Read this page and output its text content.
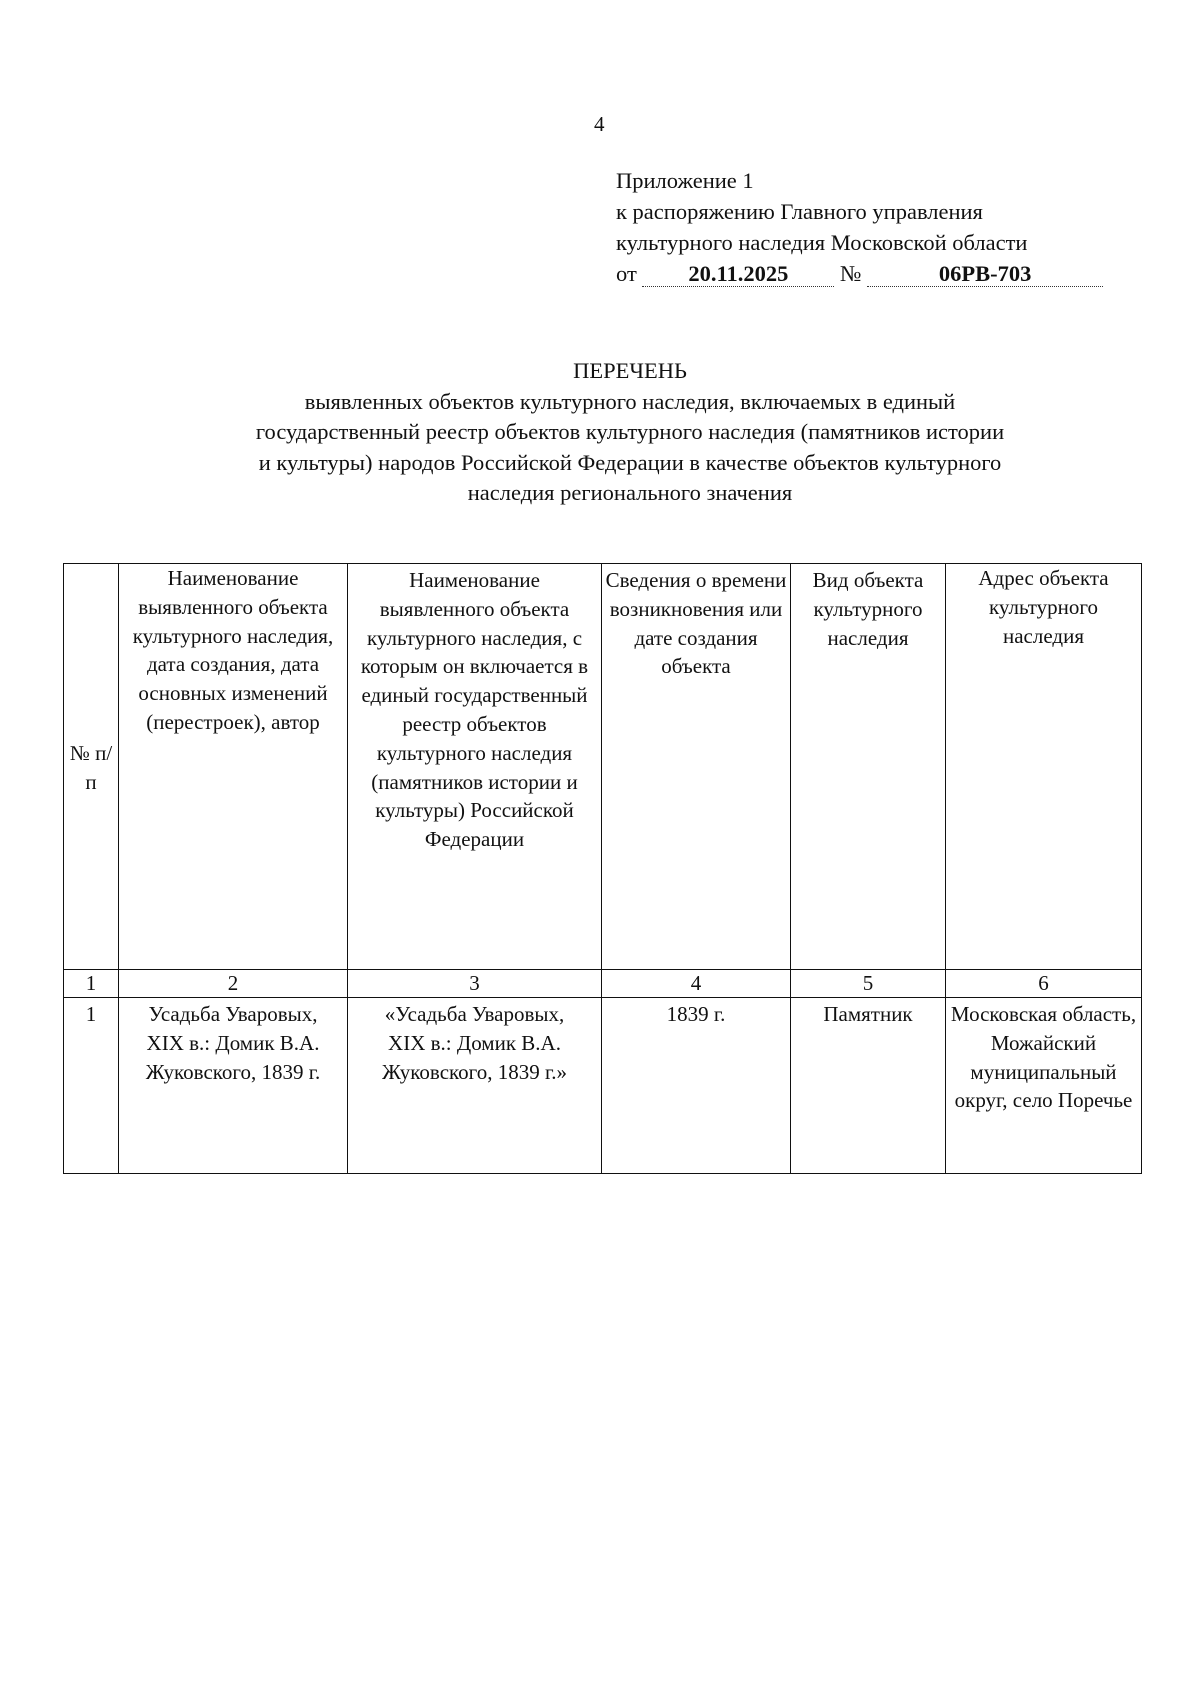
4
Приложение 1
к распоряжению Главного управления
культурного наследия Московской области
от 20.11.2025 №	06РВ-703
ПЕРЕЧЕНЬ
выявленных объектов культурного наследия, включаемых в единый
государственный реестр объектов культурного наследия (памятников истории
и культуры) народов Российской Федерации в качестве объектов культурного
наследия регионального значения
№ п/п	Наименование выявленного объекта культурного наследия, дата создания, дата основных изменений (перестроек), автор	Наименование выявленного объекта культурного наследия, с которым он включается в единый государственный реестр объектов культурного наследия (памятников истории и культуры) Российской Федерации	Сведения о времени возникновения или дате создания объекта	Вид объекта культурного наследия	Адрес объекта культурного наследия
1	2	3	4	5	6
1	Усадьба Уваровых, XIX в.: Домик В.А. Жуковского, 1839 г.	«Усадьба Уваровых, XIX в.: Домик В.А. Жуковского, 1839 г.»	1839 г.	Памятник	Московская область, Можайский муниципальный округ, село Поречье
